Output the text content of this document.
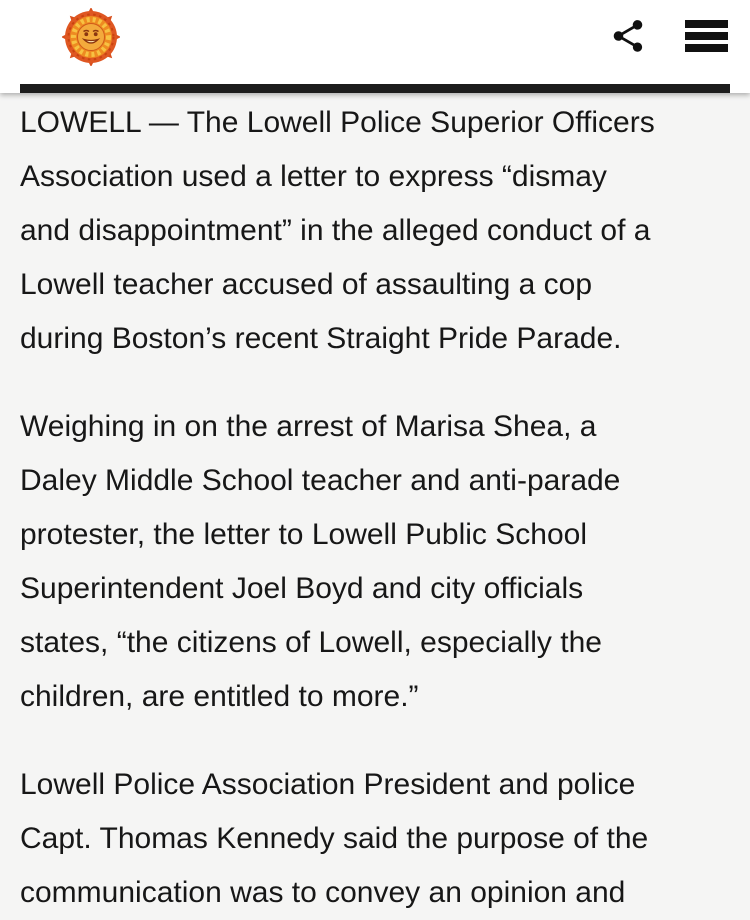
LOWELL — The Lowell Police Superior Officers
Association used a letter to express “dismay
and disappointment” in the alleged conduct of a
Lowell teacher accused of assaulting a cop
during Boston’s recent Straight Pride Parade.

Weighing in on the arrest of Marisa Shea, a
Daley Middle School teacher and anti-parade
protester, the letter to Lowell Public School
Superintendent Joel Boyd and city officials
states, “the citizens of Lowell, especially the
children, are entitled to more.”

Lowell Police Association President and police
Capt. Thomas Kennedy said the purpose of the
communication was to convey an opinion and
